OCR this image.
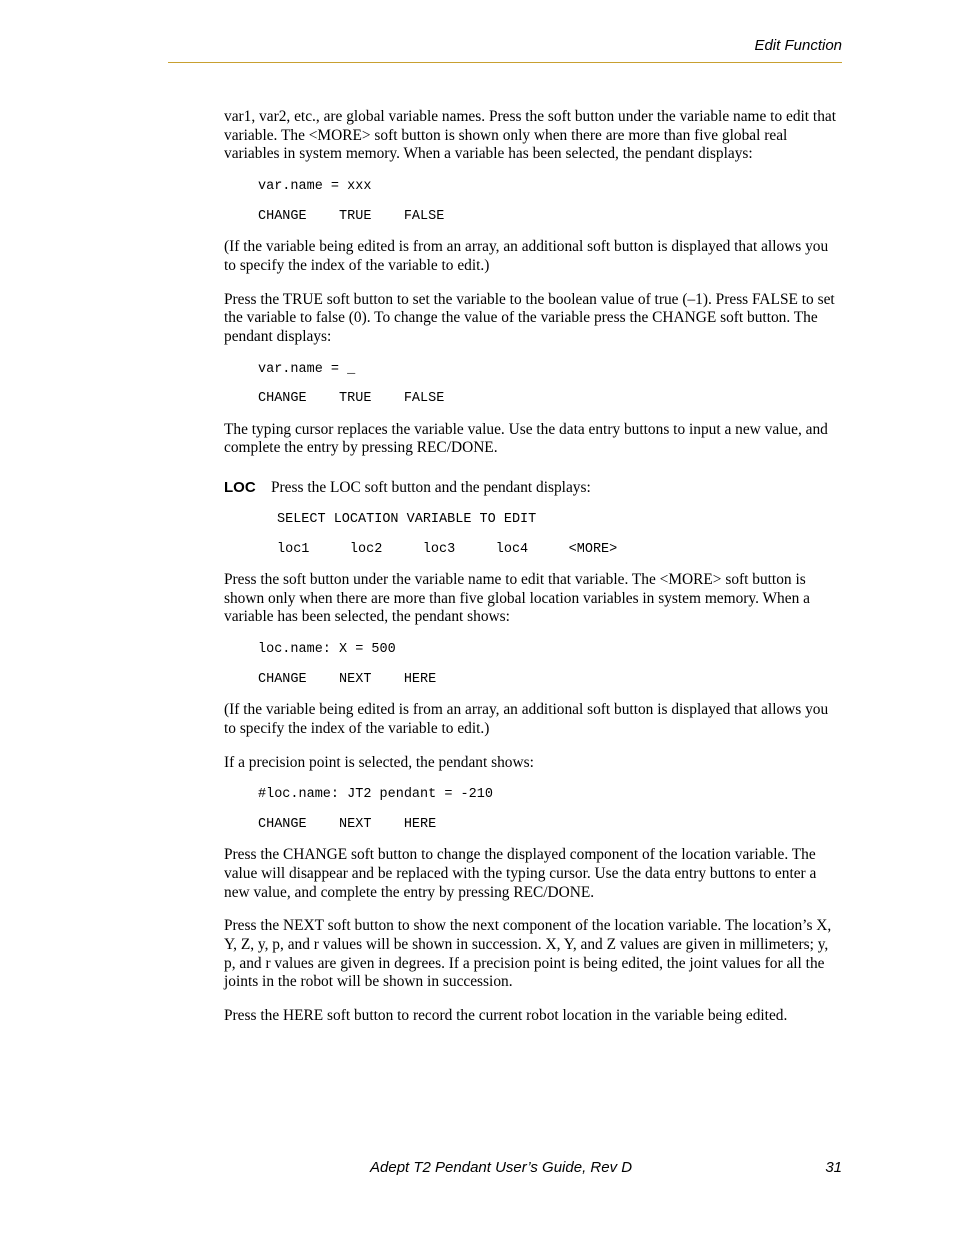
Edit Function

var1, var2, etc., are global variable names. Press the soft button under the variable name to edit that variable. The <MORE> soft button is shown only when there are more than five global real variables in system memory. When a variable has been selected, the pendant displays:

var.name = xxx
CHANGE    TRUE    FALSE

(If the variable being edited is from an array, an additional soft button is displayed that allows you to specify the index of the variable to edit.)

Press the TRUE soft button to set the variable to the boolean value of true (–1). Press FALSE to set the variable to false (0). To change the value of the variable press the CHANGE soft button. The pendant displays:

var.name = _
CHANGE    TRUE    FALSE

The typing cursor replaces the variable value. Use the data entry buttons to input a new value, and complete the entry by pressing REC/DONE.

LOC Press the LOC soft button and the pendant displays:
SELECT LOCATION VARIABLE TO EDIT
loc1     loc2     loc3     loc4     <MORE>

Press the soft button under the variable name to edit that variable. The <MORE> soft button is shown only when there are more than five global location variables in system memory. When a variable has been selected, the pendant shows:

loc.name: X = 500
CHANGE    NEXT    HERE

(If the variable being edited is from an array, an additional soft button is displayed that allows you to specify the index of the variable to edit.)

If a precision point is selected, the pendant shows:

#loc.name: JT2 pendant = -210
CHANGE    NEXT    HERE

Press the CHANGE soft button to change the displayed component of the location variable. The value will disappear and be replaced with the typing cursor. Use the data entry buttons to enter a new value, and complete the entry by pressing REC/DONE.

Press the NEXT soft button to show the next component of the location variable. The location’s X, Y, Z, y, p, and r values will be shown in succession. X, Y, and Z values are given in millimeters; y, p, and r values are given in degrees. If a precision point is being edited, the joint values for all the joints in the robot will be shown in succession.

Press the HERE soft button to record the current robot location in the variable being edited.

Adept T2 Pendant User’s Guide, Rev D	31
